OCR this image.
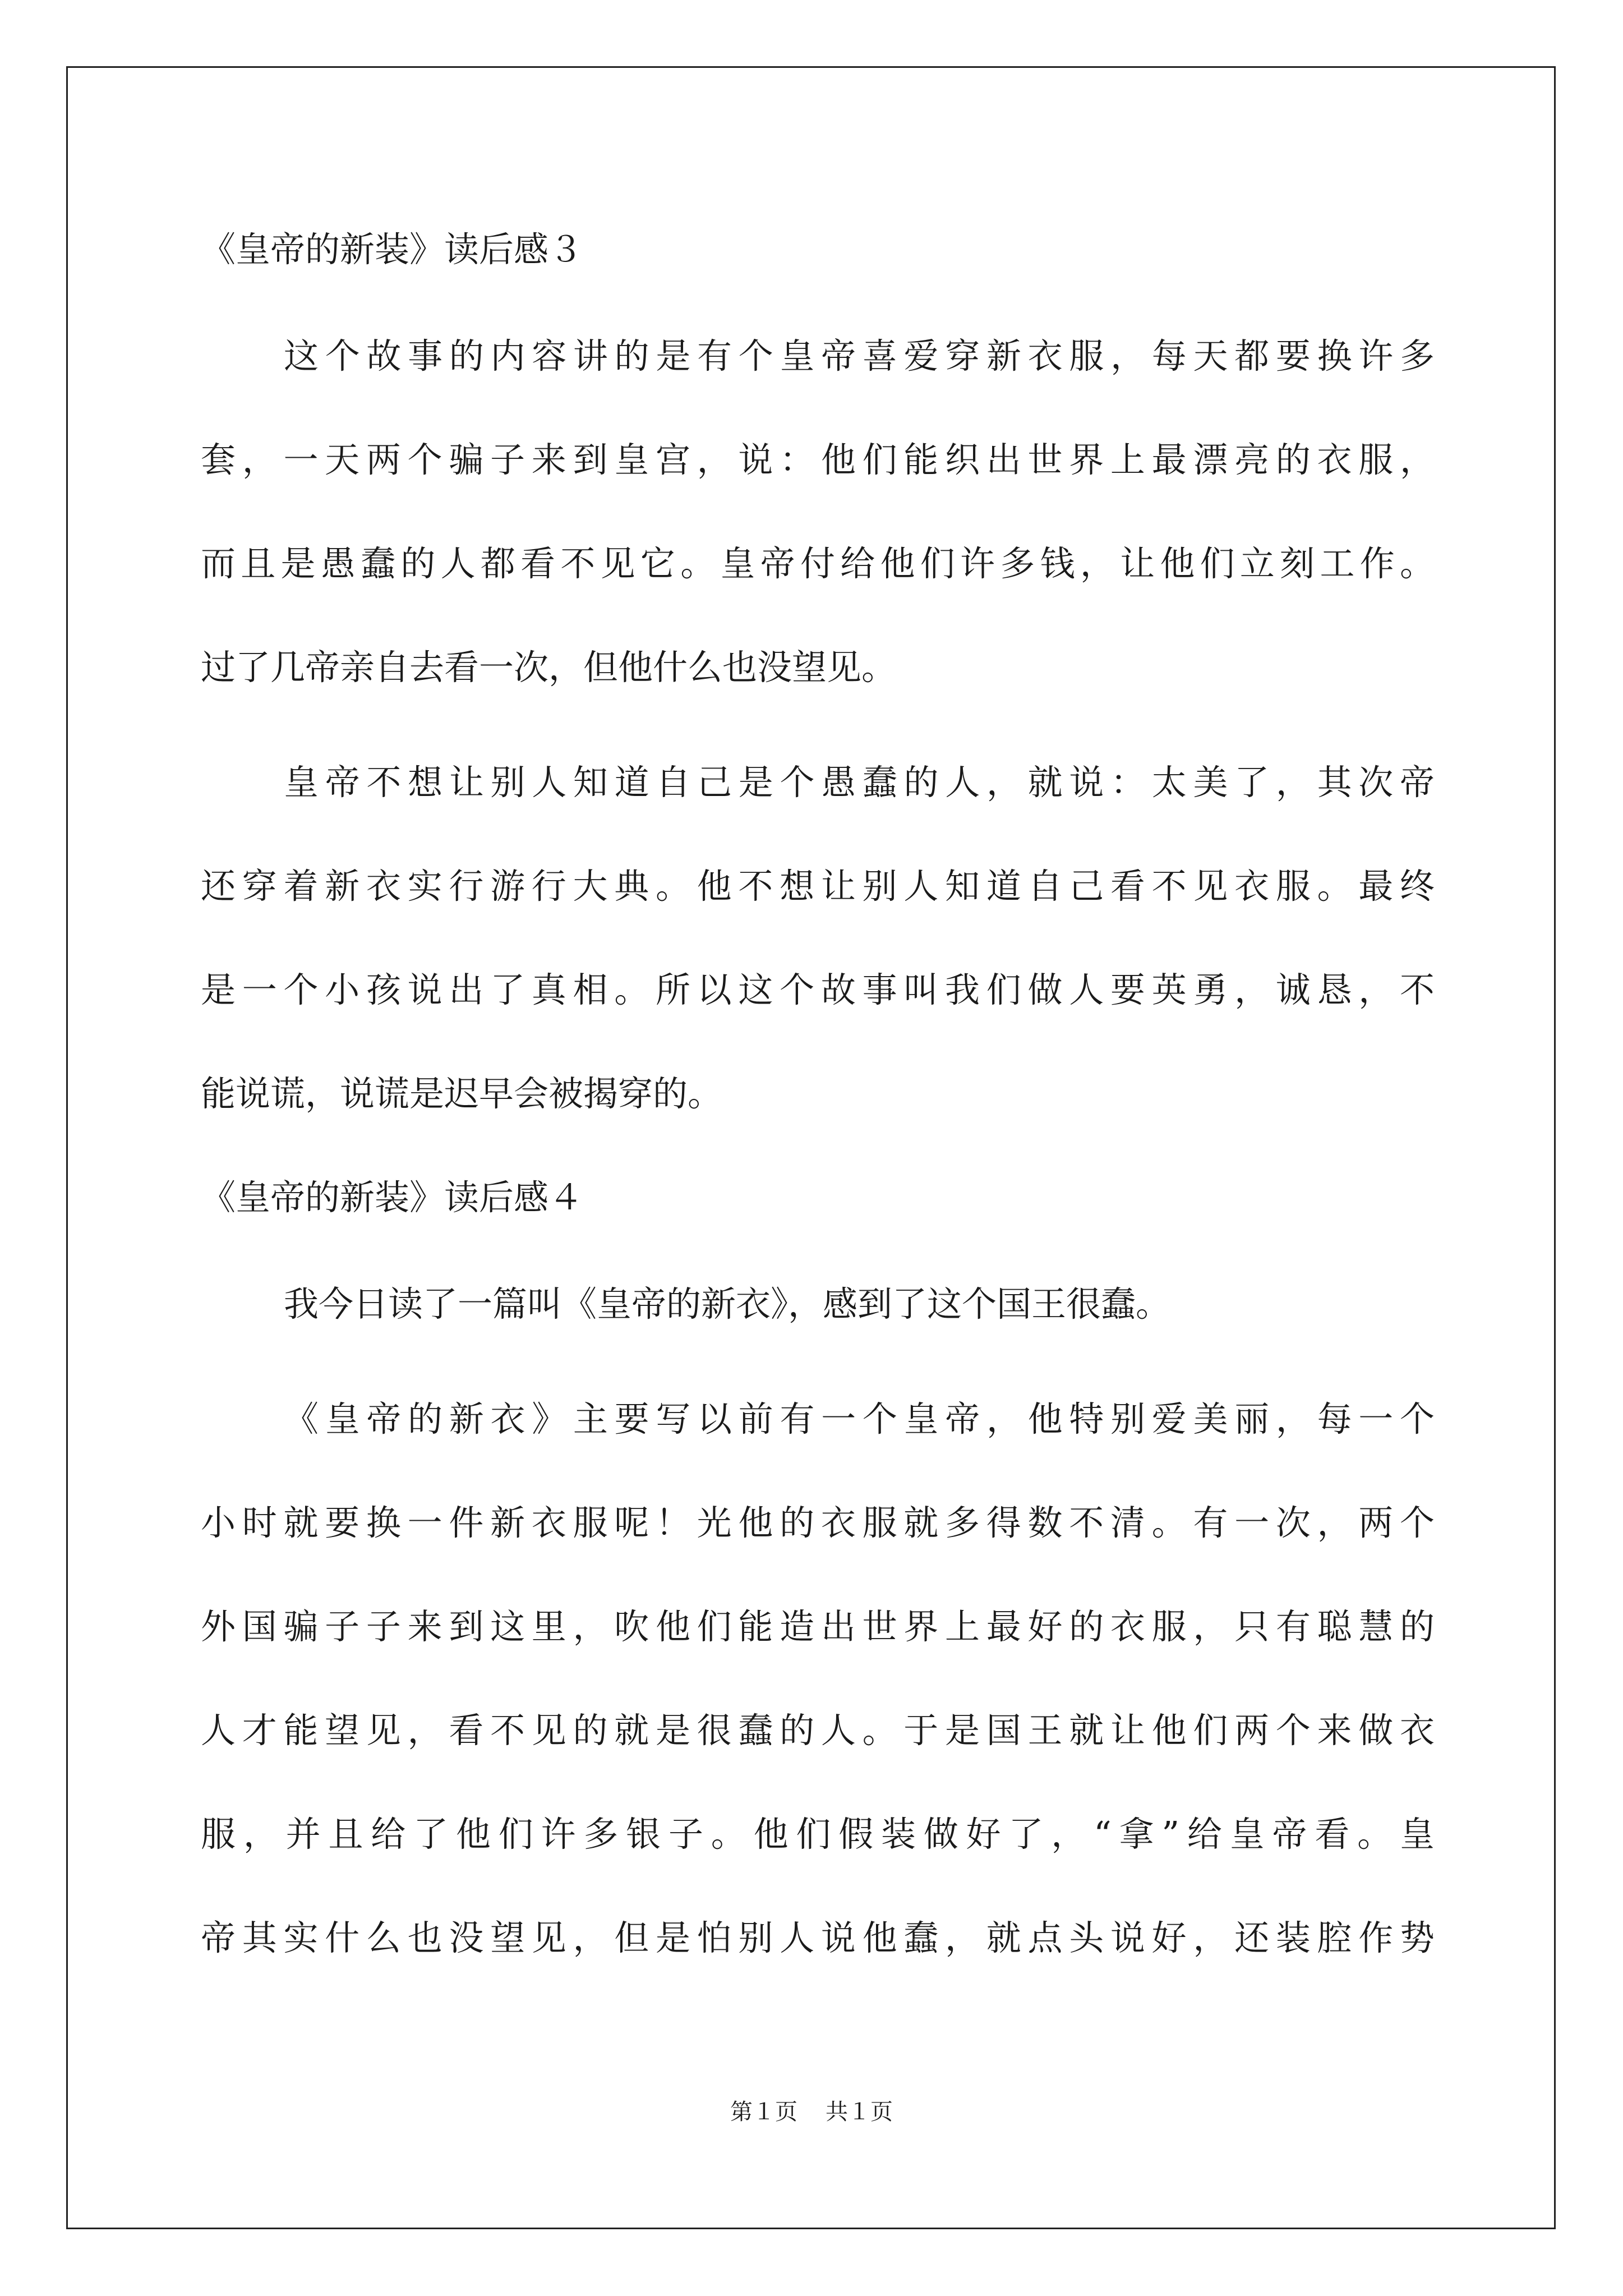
《皇帝的新装》读后感３
这个故事的内容讲的是有个皇帝喜爱穿新衣服，每天都要换许多
套，一天两个骗子来到皇宫，说：他们能织出世界上最漂亮的衣服，
而且是愚蠢的人都看不见它。皇帝付给他们许多钱，让他们立刻工作。
过了几帝亲自去看一次，但他什么也没望见。
皇帝不想让别人知道自己是个愚蠢的人，就说：太美了，其次帝
还穿着新衣实行游行大典。他不想让别人知道自己看不见衣服。最终
是一个小孩说出了真相。所以这个故事叫我们做人要英勇，诚恳，不
能说谎，说谎是迟早会被揭穿的。
《皇帝的新装》读后感４
我今日读了一篇叫《皇帝的新衣》，感到了这个国王很蠢。
《皇帝的新衣》主要写以前有一个皇帝，他特别爱美丽，每一个
小时就要换一件新衣服呢！光他的衣服就多得数不清。有一次，两个
外国骗子子来到这里，吹他们能造出世界上最好的衣服，只有聪慧的
人才能望见，看不见的就是很蠢的人。于是国王就让他们两个来做衣
服，并且给了他们许多银子。他们假装做好了，“拿”给皇帝看。皇
帝其实什么也没望见，但是怕别人说他蠢，就点头说好，还装腔作势
第１页 共１页
